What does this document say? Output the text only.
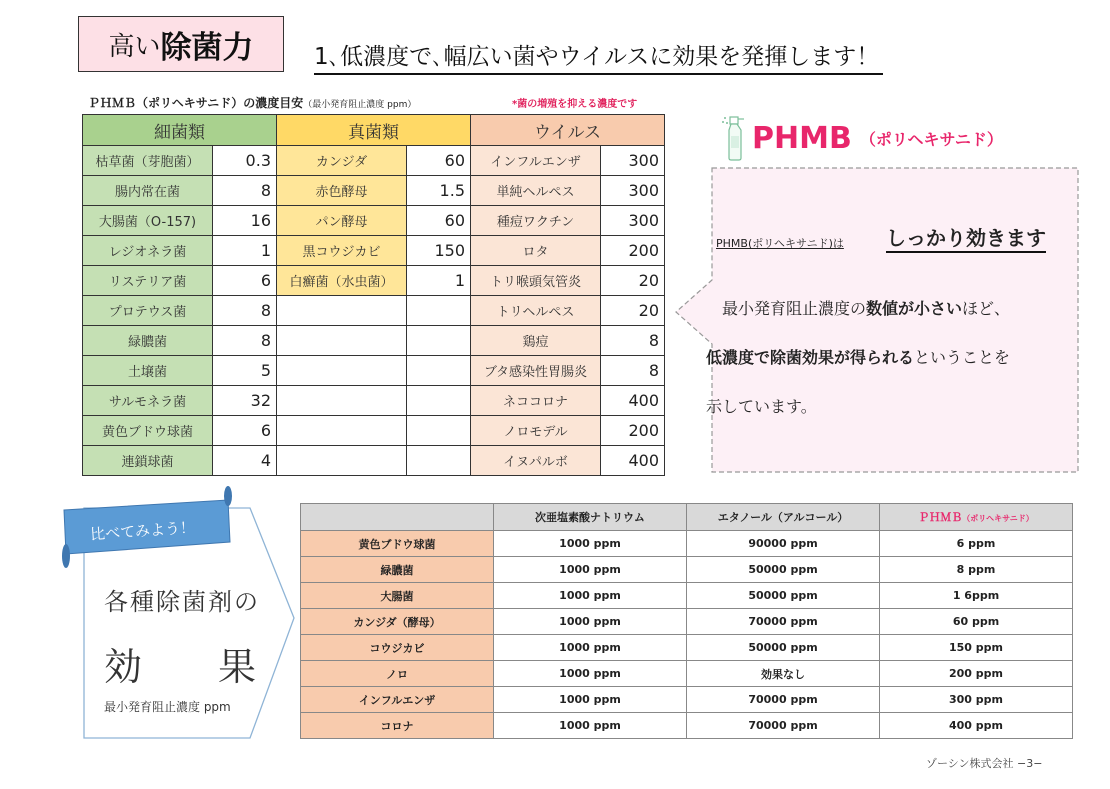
高い 除菌力	1､低濃度で､幅広い菌やウイルスに効果を発揮します！
ＰＨＭＢ（ポリヘキサニド）の濃度目安（最小発育阻止濃度 ppm）	*菌の増殖を抑える濃度です
細菌類		真菌類		ウイルス	
枯草菌（芽胞菌）	0.3	カンジダ	60	インフルエンザ	300
腸内常在菌	8	赤色酵母	1.5	単純ヘルペス	300
大腸菌（O-157)	16	パン酵母	60	種痘ワクチン	300
レジオネラ菌	1	黒コウジカビ	150	ロタ	200
リステリア菌	6	白癬菌（水虫菌）	1	トリ喉頭気管炎	20
プロテウス菌	8			トリヘルペス	20
緑膿菌	8			鶏痘	8
土壌菌	5			ブタ感染性胃腸炎	8
サルモネラ菌	32			ネココロナ	400
黄色ブドウ球菌	6			ノロモデル	200
連鎖球菌	4			イヌパルボ	400
PHMB （ポリヘキサニド）
PHMB(ポリヘキサニド)は しっかり効きます
最小発育阻止濃度の数値が小さいほど、
低濃度で除菌効果が得られるということを
示しています。
比べてみよう！
各種除菌剤の
効 果
最小発育阻止濃度 ppm
	次亜塩素酸ナトリウム	エタノール（アルコール）	ＰＨＭＢ（ポリヘキサニド）
黄色ブドウ球菌	1000 ppm	90000 ppm	6 ppm
緑膿菌	1000 ppm	50000 ppm	8 ppm
大腸菌	1000 ppm	50000 ppm	1 6ppm
カンジダ（酵母）	1000 ppm	70000 ppm	60 ppm
コウジカビ	1000 ppm	50000 ppm	150 ppm
ノロ	1000 ppm	効果なし	200 ppm
インフルエンザ	1000 ppm	70000 ppm	300 ppm
コロナ	1000 ppm	70000 ppm	400 ppm
ゾーシン株式会社 −3−
